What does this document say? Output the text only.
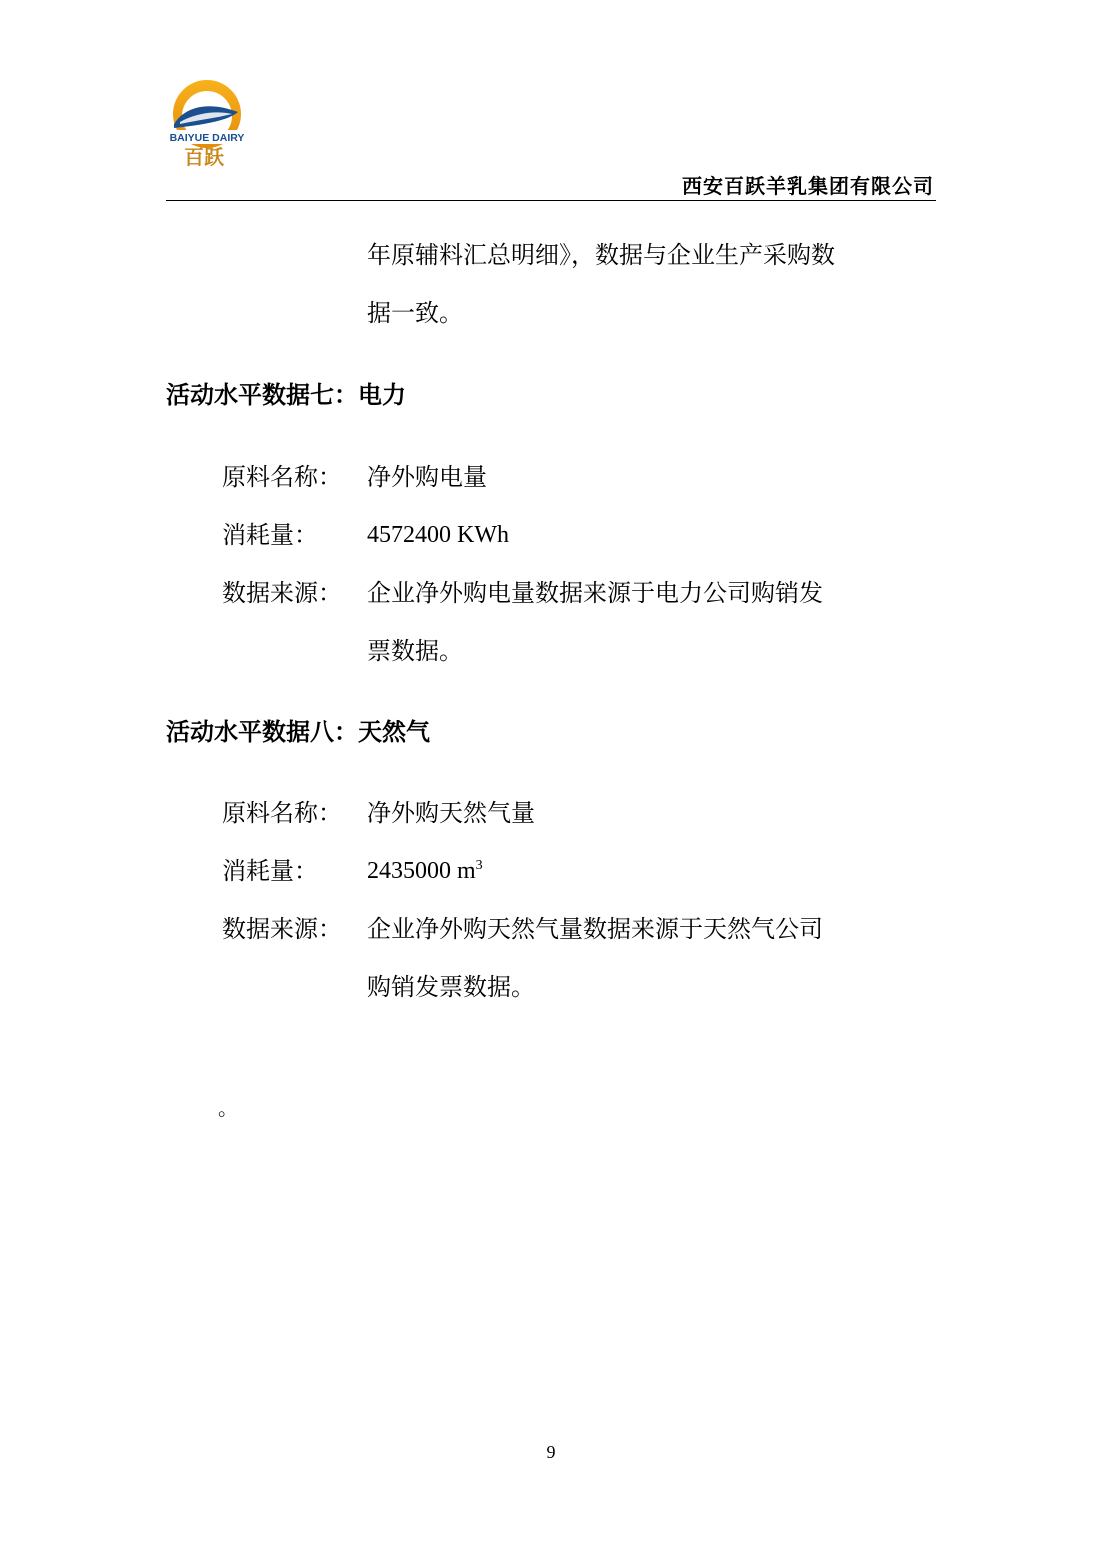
BAIYUE DAIRY
百跃
西安百跃羊乳集团有限公司
年原辅料汇总明细》，数据与企业生产采购数
据一致。
活动水平数据七：电力
原料名称： 净外购电量
消耗量： 4572400 KWh
数据来源： 企业净外购电量数据来源于电力公司购销发
票数据。
活动水平数据八：天然气
原料名称： 净外购天然气量
消耗量： 2435000 $m^3$
数据来源： 企业净外购天然气量数据来源于天然气公司
购销发票数据。
。
9
